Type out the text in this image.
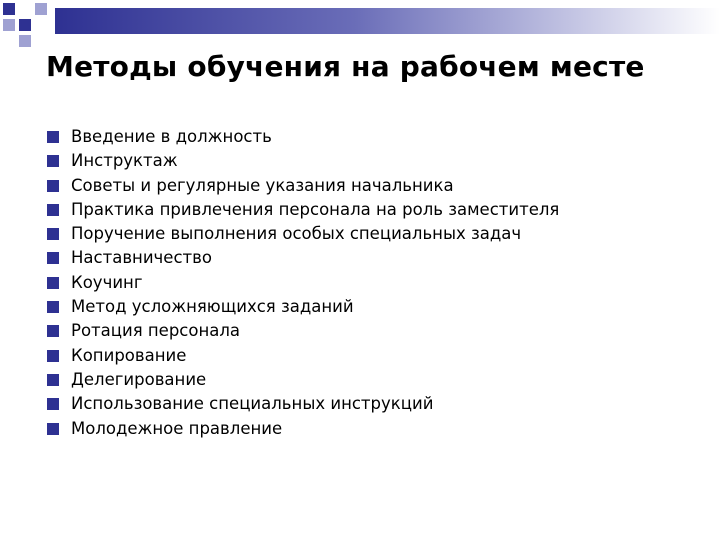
Методы обучения на рабочем месте
Введение в должность
Инструктаж
Советы и регулярные указания начальника
Практика привлечения персонала на роль заместителя
Поручение выполнения особых специальных задач
Наставничество
Коучинг
Метод усложняющихся заданий
Ротация персонала
Копирование
Делегирование
Использование специальных инструкций
Молодежное правление
